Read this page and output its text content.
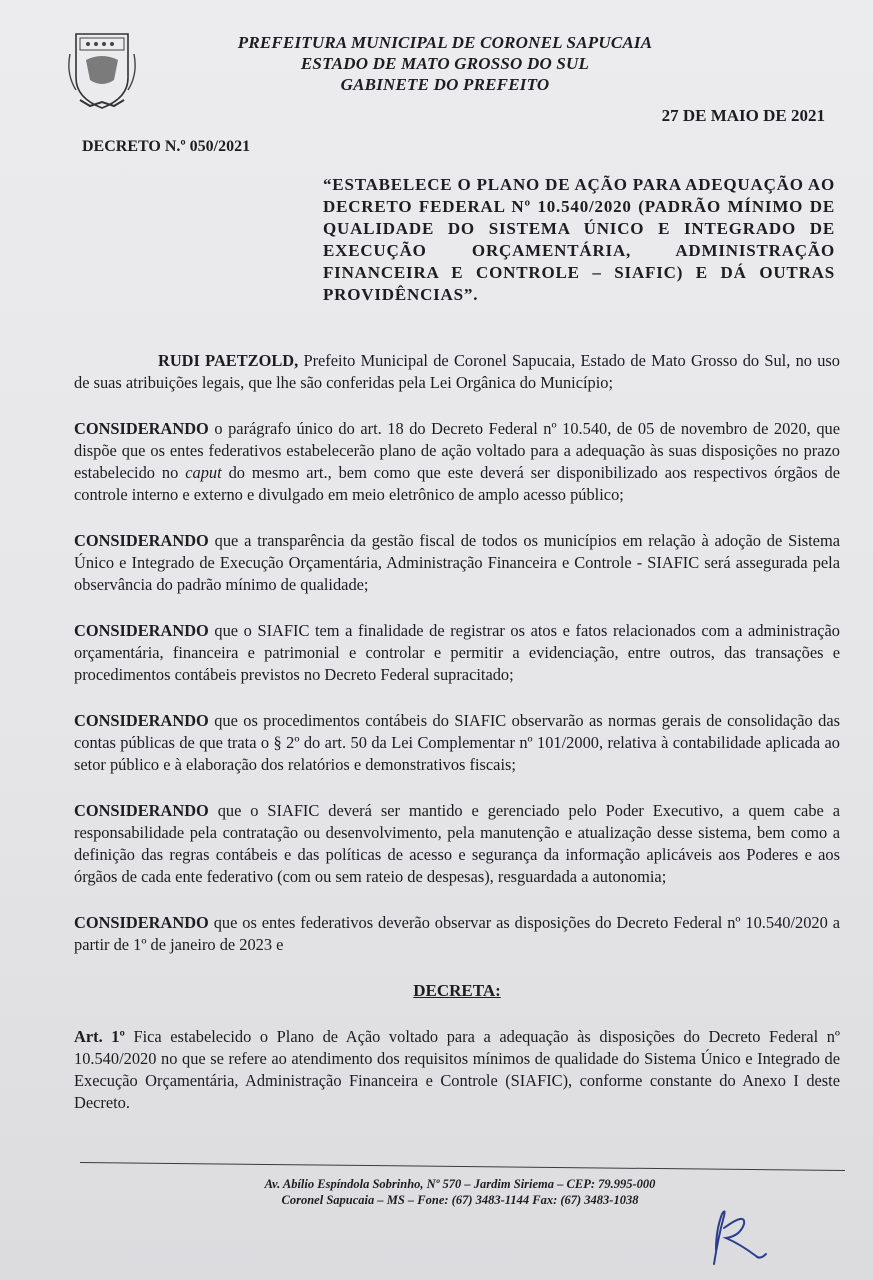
PREFEITURA MUNICIPAL DE CORONEL SAPUCAIA
ESTADO DE MATO GROSSO DO SUL
GABINETE DO PREFEITO
27 DE MAIO DE 2021
DECRETO N.º 050/2021
“ESTABELECE O PLANO DE AÇÃO PARA ADEQUAÇÃO AO DECRETO FEDERAL Nº 10.540/2020 (PADRÃO MÍNIMO DE QUALIDADE DO SISTEMA ÚNICO E INTEGRADO DE EXECUÇÃO ORÇAMENTÁRIA, ADMINISTRAÇÃO FINANCEIRA E CONTROLE – SIAFIC) E DÁ OUTRAS PROVIDÊNCIAS”.

RUDI PAETZOLD, Prefeito Municipal de Coronel Sapucaia, Estado de Mato Grosso do Sul, no uso de suas atribuições legais, que lhe são conferidas pela Lei Orgânica do Município;

CONSIDERANDO o parágrafo único do art. 18 do Decreto Federal nº 10.540, de 05 de novembro de 2020, que dispõe que os entes federativos estabelecerão plano de ação voltado para a adequação às suas disposições no prazo estabelecido no caput do mesmo art., bem como que este deverá ser disponibilizado aos respectivos órgãos de controle interno e externo e divulgado em meio eletrônico de amplo acesso público;

CONSIDERANDO que a transparência da gestão fiscal de todos os municípios em relação à adoção de Sistema Único e Integrado de Execução Orçamentária, Administração Financeira e Controle - SIAFIC será assegurada pela observância do padrão mínimo de qualidade;

CONSIDERANDO que o SIAFIC tem a finalidade de registrar os atos e fatos relacionados com a administração orçamentária, financeira e patrimonial e controlar e permitir a evidenciação, entre outros, das transações e procedimentos contábeis previstos no Decreto Federal supracitado;

CONSIDERANDO que os procedimentos contábeis do SIAFIC observarão as normas gerais de consolidação das contas públicas de que trata o § 2º do art. 50 da Lei Complementar nº 101/2000, relativa à contabilidade aplicada ao setor público e à elaboração dos relatórios e demonstrativos fiscais;

CONSIDERANDO que o SIAFIC deverá ser mantido e gerenciado pelo Poder Executivo, a quem cabe a responsabilidade pela contratação ou desenvolvimento, pela manutenção e atualização desse sistema, bem como a definição das regras contábeis e das políticas de acesso e segurança da informação aplicáveis aos Poderes e aos órgãos de cada ente federativo (com ou sem rateio de despesas), resguardada a autonomia;

CONSIDERANDO que os entes federativos deverão observar as disposições do Decreto Federal nº 10.540/2020 a partir de 1º de janeiro de 2023 e

DECRETA:

Art. 1º Fica estabelecido o Plano de Ação voltado para a adequação às disposições do Decreto Federal nº 10.540/2020 no que se refere ao atendimento dos requisitos mínimos de qualidade do Sistema Único e Integrado de Execução Orçamentária, Administração Financeira e Controle (SIAFIC), conforme constante do Anexo I deste Decreto.

Av. Abílio Espíndola Sobrinho, Nº 570 – Jardim Siriema – CEP: 79.995-000
Coronel Sapucaia – MS – Fone: (67) 3483-1144 Fax: (67) 3483-1038
